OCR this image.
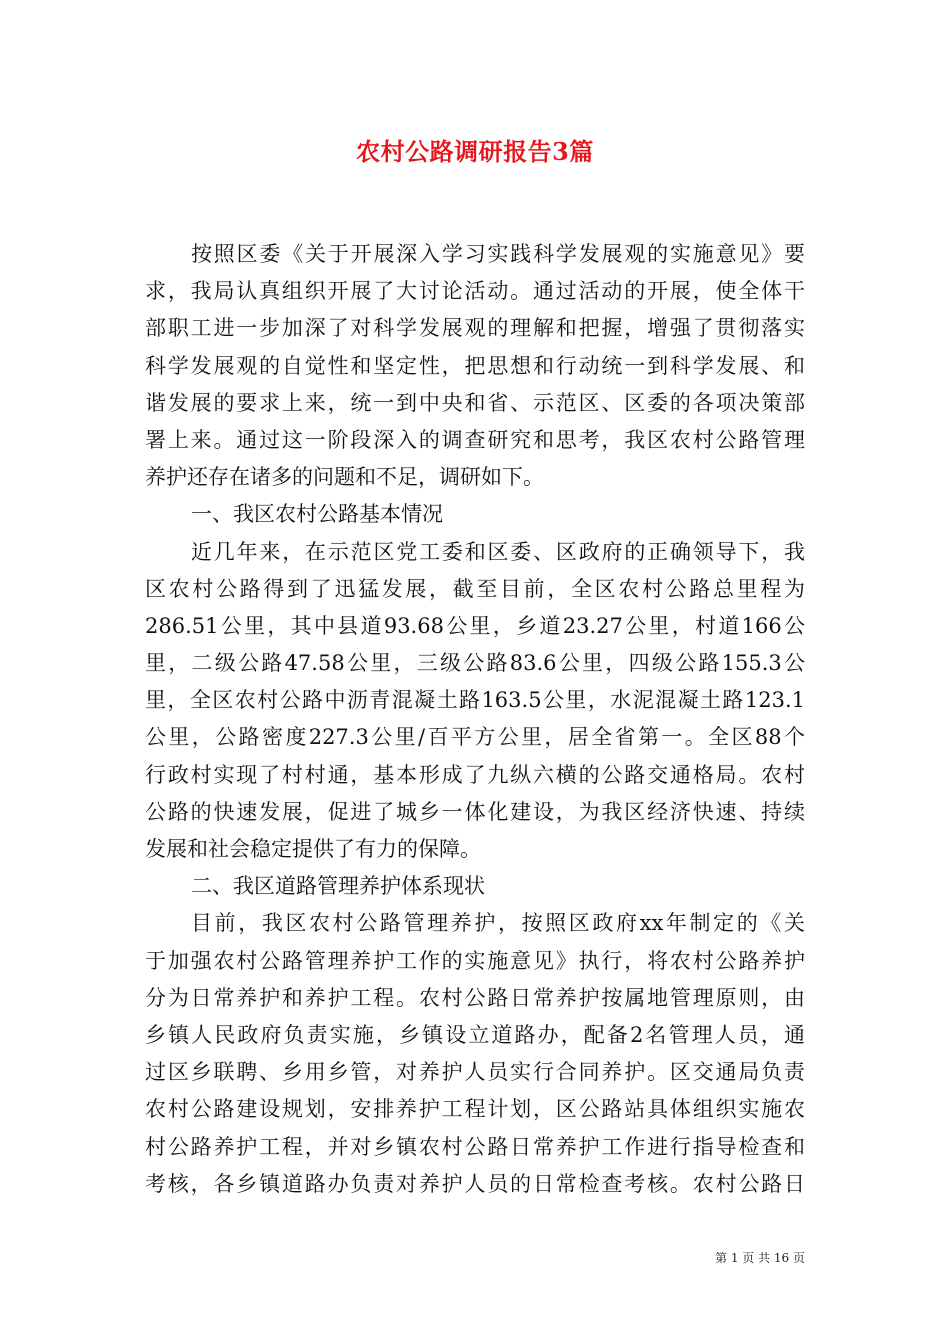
农村公路调研报告3篇
按照区委《关于开展深入学习实践科学发展观的实施意见》要
求，我局认真组织开展了大讨论活动。通过活动的开展，使全体干
部职工进一步加深了对科学发展观的理解和把握，增强了贯彻落实
科学发展观的自觉性和坚定性，把思想和行动统一到科学发展、和
谐发展的要求上来，统一到中央和省、示范区、区委的各项决策部
署上来。通过这一阶段深入的调查研究和思考，我区农村公路管理
养护还存在诸多的问题和不足，调研如下。
一、我区农村公路基本情况
近几年来，在示范区党工委和区委、区政府的正确领导下，我
区农村公路得到了迅猛发展，截至目前，全区农村公路总里程为
286.51公里，其中县道93.68公里，乡道23.27公里，村道166公
里，二级公路47.58公里，三级公路83.6公里，四级公路155.3公
里，全区农村公路中沥青混凝土路163.5公里，水泥混凝土路123.1
公里，公路密度227.3公里/百平方公里，居全省第一。全区88个
行政村实现了村村通，基本形成了九纵六横的公路交通格局。农村
公路的快速发展，促进了城乡一体化建设，为我区经济快速、持续
发展和社会稳定提供了有力的保障。
二、我区道路管理养护体系现状
目前，我区农村公路管理养护，按照区政府xx年制定的《关
于加强农村公路管理养护工作的实施意见》执行，将农村公路养护
分为日常养护和养护工程。农村公路日常养护按属地管理原则，由
乡镇人民政府负责实施，乡镇设立道路办，配备2名管理人员，通
过区乡联聘、乡用乡管，对养护人员实行合同养护。区交通局负责
农村公路建设规划，安排养护工程计划，区公路站具体组织实施农
村公路养护工程，并对乡镇农村公路日常养护工作进行指导检查和
考核，各乡镇道路办负责对养护人员的日常检查考核。农村公路日
第 1 页 共 16 页
